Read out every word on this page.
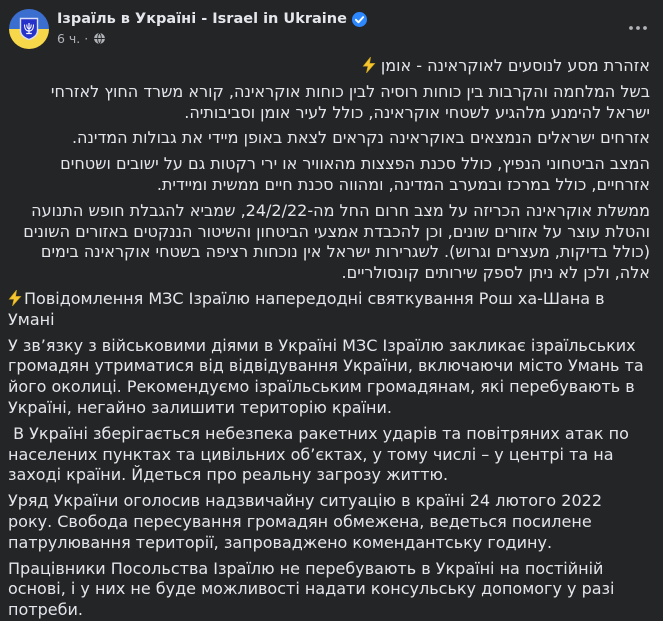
Ізраїль в Україні - Israel in Ukraine
6 ч. ·

אזהרת מסע לנוסעים לאוקראינה - אומן

בשל המלחמה והקרבות בין כוחות רוסיה לבין כוחות אוקראינה, קורא משרד החוץ לאזרחי ישראל להימנע מלהגיע לשטחי אוקראינה, כולל לעיר אומן וסביבותיה.

אזרחים ישראלים הנמצאים באוקראינה נקראים לצאת באופן מיידי את גבולות המדינה.

המצב הביטחוני הנפיץ, כולל סכנת הפצצות מהאוויר או ירי רקטות גם על ישובים ושטחים אזרחיים, כולל במרכז ובמערב המדינה, ומהווה סכנת חיים ממשית ומיידית.

ממשלת אוקראינה הכריזה על מצב חרום החל מה-24/2/22, שמביא להגבלת חופש התנועה והטלת עוצר על אזורים שונים, וכן להכבדת אמצעי הביטחון והשיטור הננקטים באזורים השונים (כולל בדיקות, מעצרים וגרוש). לשגרירות ישראל אין נוכחות רציפה בשטחי אוקראינה בימים אלה, ולכן לא ניתן לספק שירותים קונסולריים.

Повідомлення МЗС Ізраїлю напередодні святкування Рош ха-Шана в Умані

У зв’язку з військовими діями в Україні МЗС Ізраїлю закликає ізраїльських громадян утриматися від відвідування України, включаючи місто Умань та його околиці. Рекомендуємо ізраїльським громадянам, які перебувають в Україні, негайно залишити територію країни.

В Україні зберігається небезпека ракетних ударів та повітряних атак по населених пунктах та цивільних об’єктах, у тому числі – у центрі та на заході країни. Йдеться про реальну загрозу життю.

Уряд України оголосив надзвичайну ситуацію в країні 24 лютого 2022 року. Свобода пересування громадян обмежена, ведеться посилене патрулювання території, запроваджено комендантську годину.

Працівники Посольства Ізраїлю не перебувають в Україні на постійній основі, і у них не буде можливості надати консульську допомогу у разі потреби.
